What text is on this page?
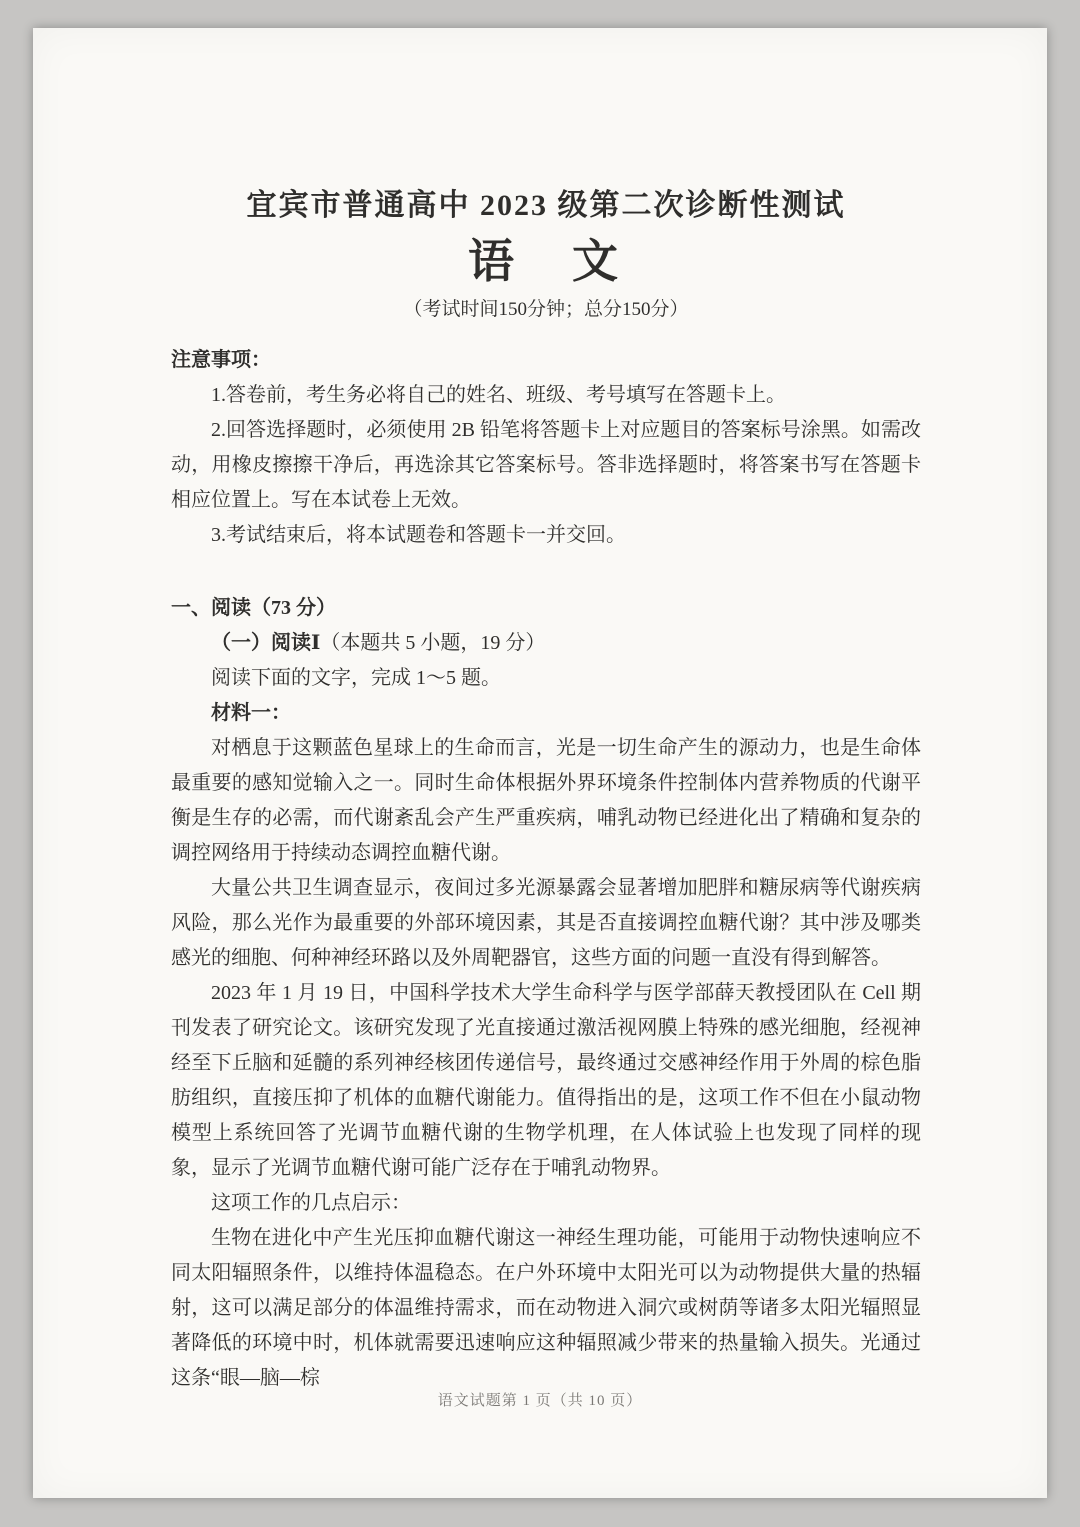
宜宾市普通高中 2023 级第二次诊断性测试
语　文
（考试时间150分钟；总分150分）
注意事项：

1.答卷前，考生务必将自己的姓名、班级、考号填写在答题卡上。

2.回答选择题时，必须使用 2B 铅笔将答题卡上对应题目的答案标号涂黑。如需改动，用橡皮擦擦干净后，再选涂其它答案标号。答非选择题时，将答案书写在答题卡相应位置上。写在本试卷上无效。

3.考试结束后，将本试题卷和答题卡一并交回。

一、阅读（73 分）

（一）阅读Ⅰ（本题共 5 小题，19 分）

阅读下面的文字，完成 1～5 题。

材料一：

对栖息于这颗蓝色星球上的生命而言，光是一切生命产生的源动力，也是生命体最重要的感知觉输入之一。同时生命体根据外界环境条件控制体内营养物质的代谢平衡是生存的必需，而代谢紊乱会产生严重疾病，哺乳动物已经进化出了精确和复杂的调控网络用于持续动态调控血糖代谢。

大量公共卫生调查显示，夜间过多光源暴露会显著增加肥胖和糖尿病等代谢疾病风险，那么光作为最重要的外部环境因素，其是否直接调控血糖代谢？其中涉及哪类感光的细胞、何种神经环路以及外周靶器官，这些方面的问题一直没有得到解答。

2023 年 1 月 19 日，中国科学技术大学生命科学与医学部薛天教授团队在 Cell 期刊发表了研究论文。该研究发现了光直接通过激活视网膜上特殊的感光细胞，经视神经至下丘脑和延髓的系列神经核团传递信号，最终通过交感神经作用于外周的棕色脂肪组织，直接压抑了机体的血糖代谢能力。值得指出的是，这项工作不但在小鼠动物模型上系统回答了光调节血糖代谢的生物学机理，在人体试验上也发现了同样的现象，显示了光调节血糖代谢可能广泛存在于哺乳动物界。

这项工作的几点启示：

生物在进化中产生光压抑血糖代谢这一神经生理功能，可能用于动物快速响应不同太阳辐照条件，以维持体温稳态。在户外环境中太阳光可以为动物提供大量的热辐射，这可以满足部分的体温维持需求，而在动物进入洞穴或树荫等诸多太阳光辐照显著降低的环境中时，机体就需要迅速响应这种辐照减少带来的热量输入损失。光通过这条“眼—脑—棕

语文试题第 1 页（共 10 页）
